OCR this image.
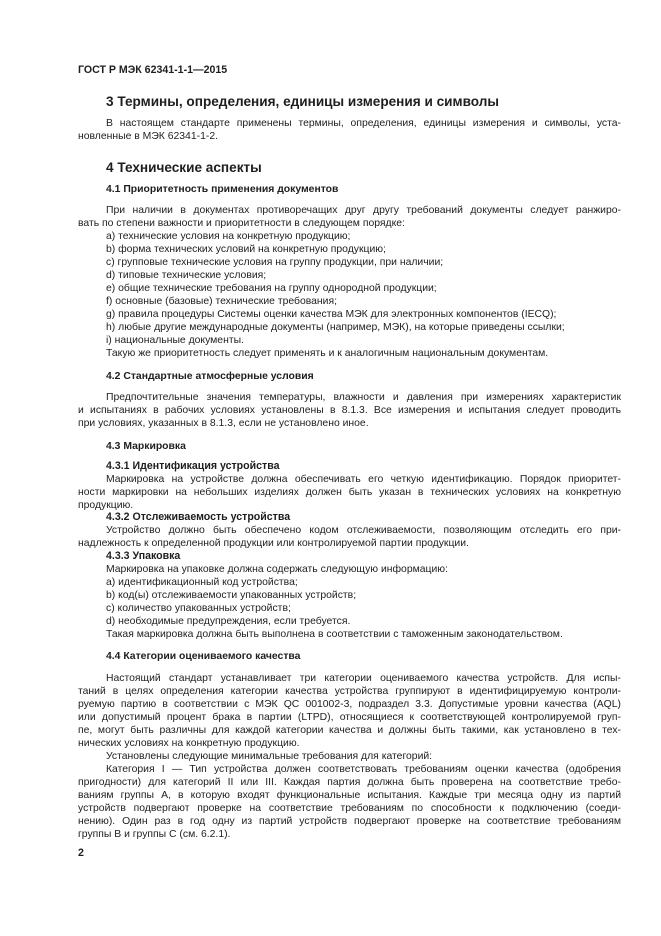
ГОСТ Р МЭК 62341-1-1—2015
3 Термины, определения, единицы измерения и символы
В настоящем стандарте применены термины, определения, единицы измерения и символы, уста-
новленные в МЭК 62341-1-2.
4 Технические аспекты
4.1 Приоритетность применения документов
При наличии в документах противоречащих друг другу требований документы следует ранжиро-
вать по степени важности и приоритетности в следующем порядке:
a) технические условия на конкретную продукцию;
b) форма технических условий на конкретную продукцию;
c) групповые технические условия на группу продукции, при наличии;
d) типовые технические условия;
e) общие технические требования на группу однородной продукции;
f) основные (базовые) технические требования;
g) правила процедуры Системы оценки качества МЭК для электронных компонентов (IECQ);
h) любые другие международные документы (например, МЭК), на которые приведены ссылки;
i) национальные документы.
Такую же приоритетность следует применять и к аналогичным национальным документам.
4.2 Стандартные атмосферные условия
Предпочтительные значения температуры, влажности и давления при измерениях характеристик
и испытаниях в рабочих условиях установлены в 8.1.3. Все измерения и испытания следует проводить
при условиях, указанных в 8.1.3, если не установлено иное.
4.3 Маркировка
4.3.1 Идентификация устройства
Маркировка на устройстве должна обеспечивать его четкую идентификацию. Порядок приоритет-
ности маркировки на небольших изделиях должен быть указан в технических условиях на конкретную
продукцию.
4.3.2 Отслеживаемость устройства
Устройство должно быть обеспечено кодом отслеживаемости, позволяющим отследить его при-
надлежность к определенной продукции или контролируемой партии продукции.
4.3.3 Упаковка
Маркировка на упаковке должна содержать следующую информацию:
a) идентификационный код устройства;
b) код(ы) отслеживаемости упакованных устройств;
c) количество упакованных устройств;
d) необходимые предупреждения, если требуется.
Такая маркировка должна быть выполнена в соответствии с таможенным законодательством.
4.4 Категории оцениваемого качества
Настоящий стандарт устанавливает три категории оцениваемого качества устройств. Для испы-
таний в целях определения категории качества устройства группируют в идентифицируемую контроли-
руемую партию в соответствии с МЭК QC 001002-3, подраздел 3.3. Допустимые уровни качества (AQL)
или допустимый процент брака в партии (LTPD), относящиеся к соответствующей контролируемой груп-
пе, могут быть различны для каждой категории качества и должны быть такими, как установлено в тех-
нических условиях на конкретную продукцию.
Установлены следующие минимальные требования для категорий:
Категория I — Тип устройства должен соответствовать требованиям оценки качества (одобрения
пригодности) для категорий II или III. Каждая партия должна быть проверена на соответствие требо-
ваниям группы A, в которую входят функциональные испытания. Каждые три месяца одну из партий
устройств подвергают проверке на соответствие требованиям по способности к подключению (соеди-
нению). Один раз в год одну из партий устройств подвергают проверке на соответствие требованиям
группы B и группы C (см. 6.2.1).
2
